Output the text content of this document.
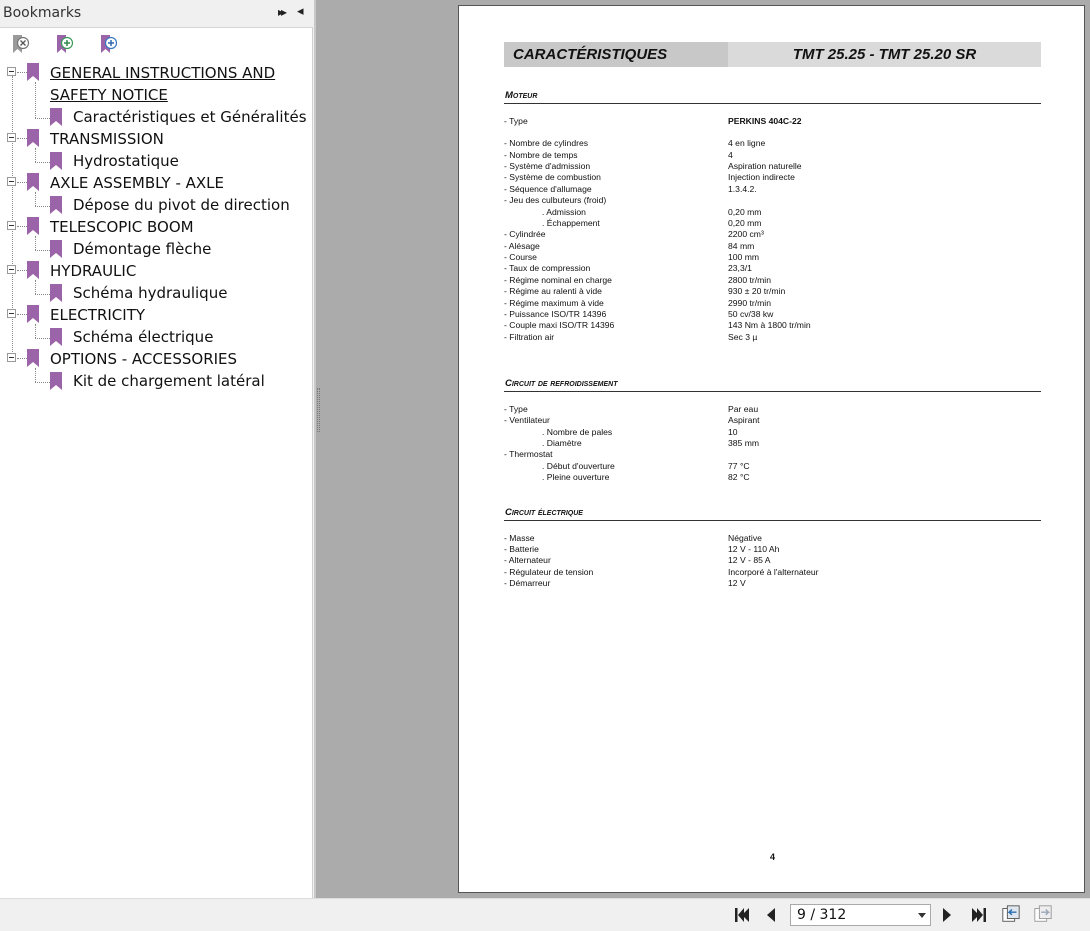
Bookmarks	▸▸ ◂
GENERAL INSTRUCTIONS AND
SAFETY NOTICE
Caractéristiques et Généralités
TRANSMISSION
Hydrostatique
AXLE ASSEMBLY - AXLE
Dépose du pivot de direction
TELESCOPIC BOOM
Démontage flèche
HYDRAULIC
Schéma hydraulique
ELECTRICITY
Schéma électrique
OPTIONS - ACCESSORIES
Kit de chargement latéral
CARACTÉRISTIQUES	TMT 25.25 - TMT 25.20 SR
Moteur
Circuit de refroidissement
Circuit électrique
4
- Type	PERKINS 404C-22
- Nombre de cylindres	4 en ligne
- Nombre de temps	4
- Système d'admission	Aspiration naturelle
- Système de combustion	Injection indirecte
- Séquence d'allumage	1.3.4.2.
- Jeu des culbuteurs (froid)
. Admission	0,20 mm
. Échappement	0,20 mm
- Cylindrée	2200 cm³
- Alésage	84 mm
- Course	100 mm
- Taux de compression	23,3/1
- Régime nominal en charge	2800 tr/min
- Régime au ralenti à vide	930 ± 20 tr/min
- Régime maximum à vide	2990 tr/min
- Puissance ISO/TR 14396	50 cv/38 kw
- Couple maxi ISO/TR 14396	143 Nm à 1800 tr/min
- Filtration air	Sec 3 µ
- Type	Par eau
- Ventilateur	Aspirant
. Nombre de pales	10
. Diamètre	385 mm
- Thermostat
. Début d'ouverture	77 °C
. Pleine ouverture	82 °C
- Masse	Négative
- Batterie	12 V - 110 Ah
- Alternateur	12 V - 85 A
- Régulateur de tension	Incorporé à l'alternateur
- Démarreur	12 V
9 / 312
